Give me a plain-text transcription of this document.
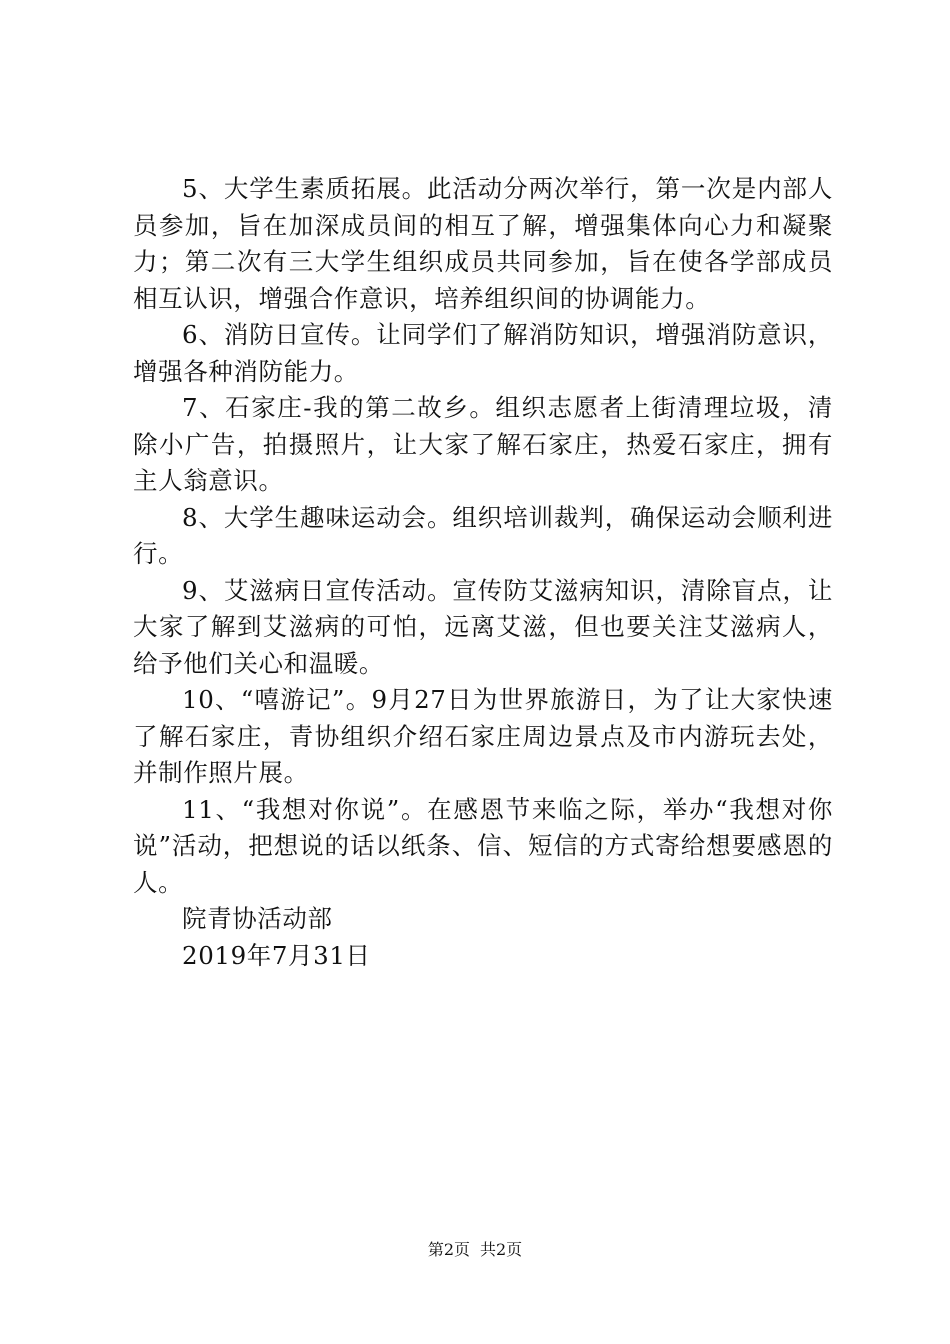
5、大学生素质拓展。此活动分两次举行，第一次是内部人员参加，旨在加深成员间的相互了解，增强集体向心力和凝聚力；第二次有三大学生组织成员共同参加，旨在使各学部成员相互认识，增强合作意识，培养组织间的协调能力。

6、消防日宣传。让同学们了解消防知识，增强消防意识，增强各种消防能力。

7、石家庄-我的第二故乡。组织志愿者上街清理垃圾，清除小广告，拍摄照片，让大家了解石家庄，热爱石家庄，拥有主人翁意识。

8、大学生趣味运动会。组织培训裁判，确保运动会顺利进行。

9、艾滋病日宣传活动。宣传防艾滋病知识，清除盲点，让大家了解到艾滋病的可怕，远离艾滋，但也要关注艾滋病人，给予他们关心和温暖。

10、“嘻游记”。9月27日为世界旅游日，为了让大家快速了解石家庄，青协组织介绍石家庄周边景点及市内游玩去处，并制作照片展。

11、“我想对你说”。在感恩节来临之际，举办“我想对你说”活动，把想说的话以纸条、信、短信的方式寄给想要感恩的人。

院青协活动部

2019年7月31日

第2页 共2页
